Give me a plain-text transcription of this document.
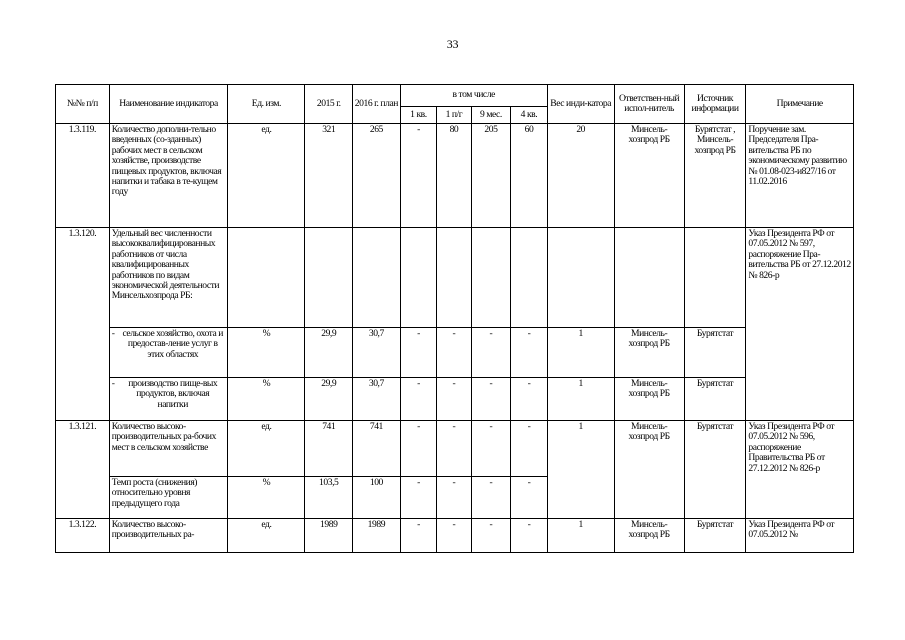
33
№№ п/п	Наименование индикатора	Ед. изм.	2015 г.	2016 г. план	в том числе				Вес инди-катора	Ответствен-ный испол-нитель	Источник информации	Примечание
					1 кв.	1 п/г	9 мес.	4 кв.				
1.3.119.	Количество дополни-тельно введенных (со-зданных) рабочих мест в сельском хозяйстве, производстве пищевых продуктов, включая напитки и табака в те-кущем году	ед.	321	265	-	80	205	60	20	Минсель-хозпрод РБ	Бурятстат , Минсель-хозпрод РБ	Поручение зам. Председателя Пра-вительства РБ по экономическому развитию № 01.08-023-и827/16 от 11.02.2016
1.3.120.	Удельный вес численности высококвалифицированных работников от числа квалифицированных работников по видам экономической деятельности Минсельхозпрода РБ:											Указ Президента РФ от 07.05.2012 № 597, распоряжение Пра-вительства РБ от 27.12.2012 № 826-р
	- сельское хозяйство, охота и предостав-ление услуг в этих областях	%	29,9	30,7	-	-	-	-	1	Минсель-хозпрод РБ	Бурятстат	
	- производство пище-вых продуктов, включая напитки	%	29,9	30,7	-	-	-	-	1	Минсель-хозпрод РБ	Бурятстат	
1.3.121.	Количество высоко-производительных ра-бочих мест в сельском хозяйстве	ед.	741	741	-	-	-	-	1	Минсель-хозпрод РБ	Бурятстат	Указ Президента РФ от 07.05.2012 № 596, распоряжение Правительства РБ от 27.12.2012 № 826-р
	Темп роста (снижения) относительно уровня предыдущего года	%	103,5	100	-	-	-	-				
1.3.122.	Количество высоко-производительных ра-	ед.	1989	1989	-	-	-	-	1	Минсель-хозпрод РБ	Бурятстат	Указ Президента РФ от 07.05.2012 №
